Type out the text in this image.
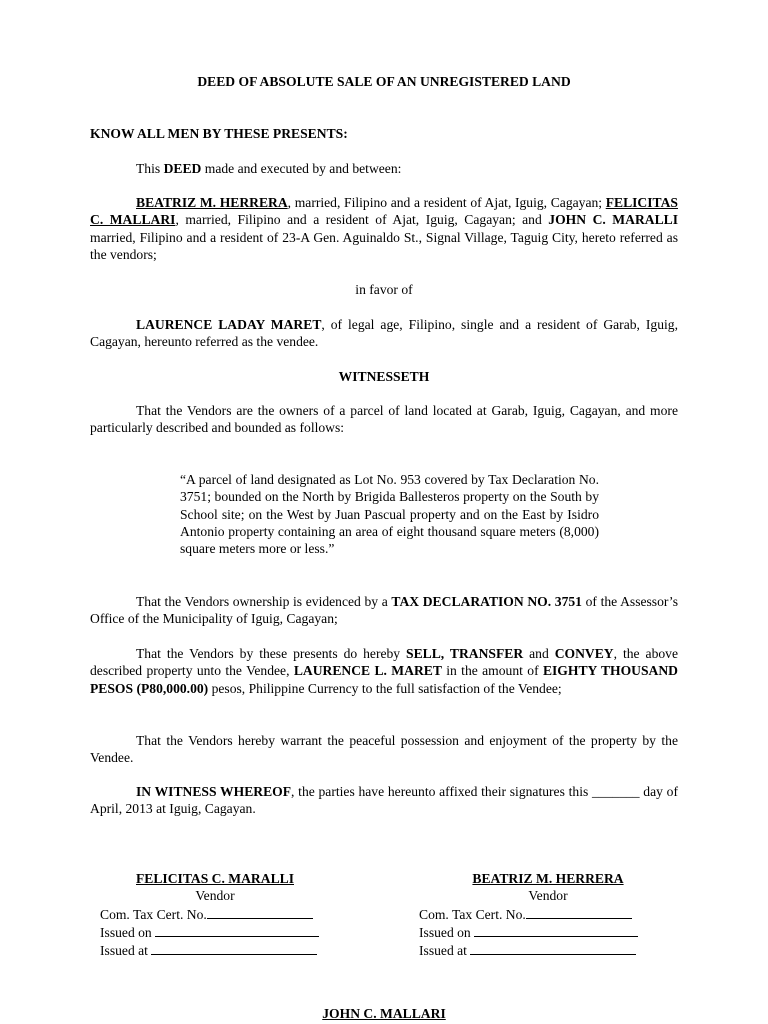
DEED OF ABSOLUTE SALE OF AN UNREGISTERED LAND
KNOW ALL MEN BY THESE PRESENTS:
This DEED made and executed by and between:
BEATRIZ M. HERRERA, married, Filipino and a resident of Ajat, Iguig, Cagayan; FELICITAS C. MALLARI, married, Filipino and a resident of Ajat, Iguig, Cagayan; and JOHN C. MARALLI married, Filipino and a resident of 23-A Gen. Aguinaldo St., Signal Village, Taguig City, hereto referred as the vendors;
in favor of
LAURENCE LADAY MARET, of legal age, Filipino, single and a resident of Garab, Iguig, Cagayan, hereunto referred as the vendee.
WITNESSETH
That the Vendors are the owners of a parcel of land located at Garab, Iguig, Cagayan, and more particularly described and bounded as follows:
“A parcel of land designated as Lot No. 953 covered by Tax Declaration No. 3751; bounded on the North by Brigida Ballesteros property on the South by School site; on the West by Juan Pascual property and on the East by Isidro Antonio property containing an area of eight thousand square meters (8,000) square meters more or less.”
That the Vendors ownership is evidenced by a TAX DECLARATION NO. 3751 of the Assessor’s Office of the Municipality of Iguig, Cagayan;
That the Vendors by these presents do hereby SELL, TRANSFER and CONVEY, the above described property unto the Vendee, LAURENCE L. MARET in the amount of EIGHTY THOUSAND PESOS (P80,000.00) pesos, Philippine Currency to the full satisfaction of the Vendee;
That the Vendors hereby warrant the peaceful possession and enjoyment of the property by the Vendee.
IN WITNESS WHEREOF, the parties have hereunto affixed their signatures this _______ day of April, 2013 at Iguig, Cagayan.
FELICITAS C. MARALLI
Vendor
Com. Tax Cert. No.
Issued on
Issued at
BEATRIZ M. HERRERA
Vendor
Com. Tax Cert. No.
Issued on
Issued at
JOHN C. MALLARI
